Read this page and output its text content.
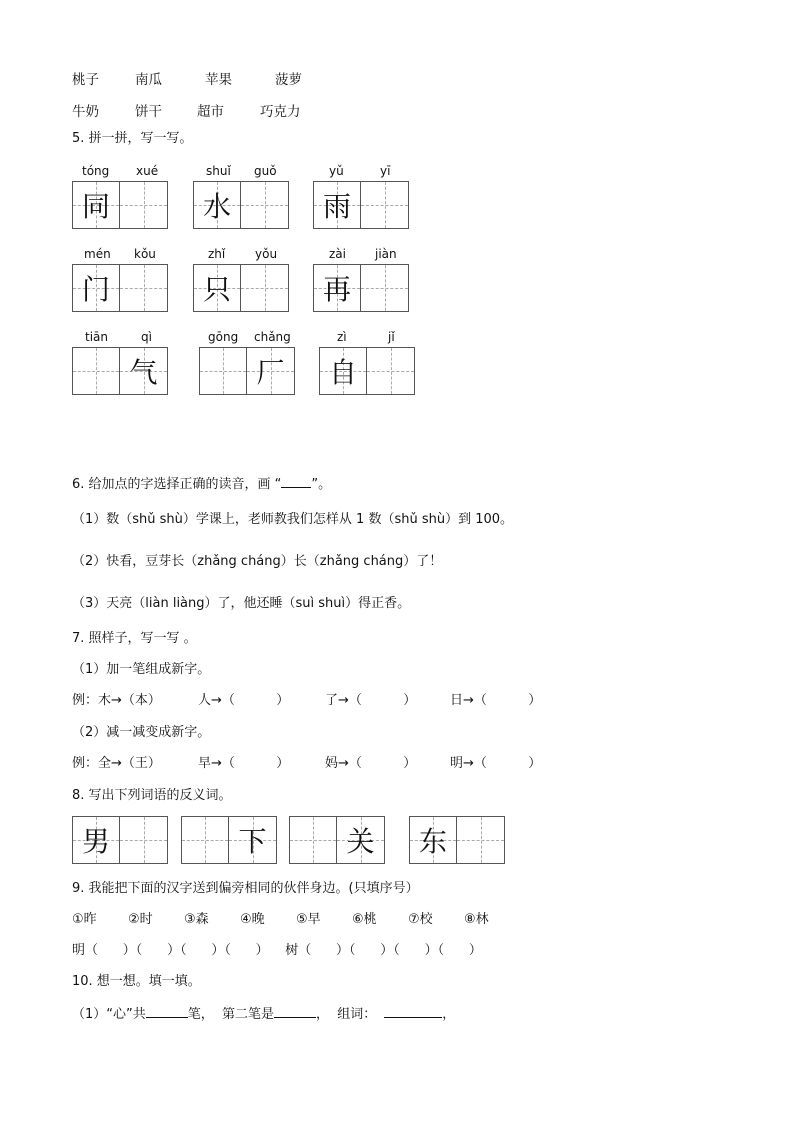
桃子	南瓜	苹果	菠萝
牛奶	饼干	超市	巧克力
5. 拼一拼，写一写。
tóng xué
同
shuǐ guǒ
水
yǔ	yī
雨
mén kǒu
门
zhǐ yǒu
只
zài jiàn
再
tiān	qì
气
gōng chǎng
厂
zì	jǐ
自
6. 给加点的字选择正确的读音，画 “ ”。
（1）数（shǔ shù）学课上，老师教我们怎样从 1 数（shǔ shù）到 100。
（2）快看，豆芽长（zhǎng cháng）长（zhǎng cháng）了！
（3）天亮（liàn liàng）了，他还睡（suì shuì）得正香。
7. 照样子，写一写 。
（1）加一笔组成新字。
例：木→（本）	人→（          ）	了→（          ）	日→（          ）
（2）减一减变成新字。
例：全→（王）	早→（          ）	妈→（          ）	明→（          ）
8. 写出下列词语的反义词。
男	下	关 东
9. 我能把下面的汉字送到偏旁相同的伙伴身边。(只填序号）
①昨 ②时 ③森 ④晚 ⑤早 ⑥桃 ⑦校 ⑧林
明（      ）（      ）（      ）（      ）    树（      ）（      ）（      ）（      ）
10. 想一想。填一填。
（1）“心”共	笔，  第二笔是	，  组词：	，
